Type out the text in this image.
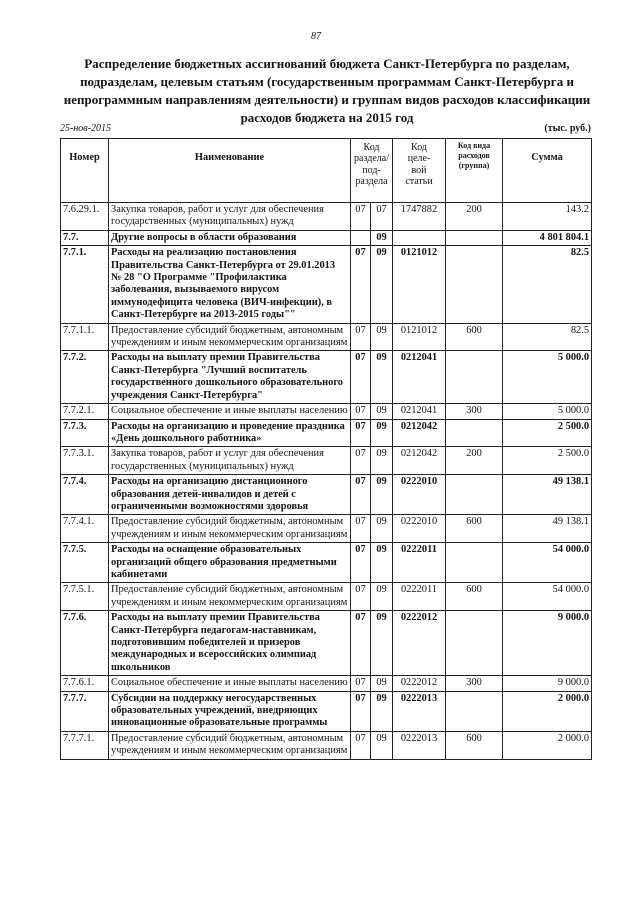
87
Распределение бюджетных ассигнований бюджета Санкт-Петербурга по разделам,
подразделам, целевым статьям (государственным программам Санкт-Петербурга и
непрограммным направлениям деятельности) и группам видов расходов классификации
расходов бюджета на 2015 год
25-нов-2015	(тыс. руб.)
Номер	Наименование	Код
раздела/
под-
раздела		Код
целе-
вой
статьи	Код вида
расходов
(группа)	Сумма
7.6.29.1.	Закупка товаров, работ и услуг для обеспечения государственных (муниципальных) нужд	07	07	1747882	200	143.2
7.7.	Другие вопросы в области образования		09			4 801 804.1
7.7.1.	Расходы на реализацию постановления Правительства Санкт-Петербурга от 29.01.2013 № 28 "О Программе "Профилактика заболевания, вызываемого вирусом иммунодефицита человека (ВИЧ-инфекции), в Санкт-Петербурге на 2013-2015 годы""	07	09	0121012		82.5
7.7.1.1.	Предоставление субсидий бюджетным, автономным учреждениям и иным некоммерческим организациям	07	09	0121012	600	82.5
7.7.2.	Расходы на выплату премии Правительства Санкт-Петербурга "Лучший воспитатель государственного дошкольного образовательного учреждения Санкт-Петербурга"	07	09	0212041		5 000.0
7.7.2.1.	Социальное обеспечение и иные выплаты населению	07	09	0212041	300	5 000.0
7.7.3.	Расходы на организацию и проведение праздника «День дошкольного работника»	07	09	0212042		2 500.0
7.7.3.1.	Закупка товаров, работ и услуг для обеспечения государственных (муниципальных) нужд	07	09	0212042	200	2 500.0
7.7.4.	Расходы на организацию дистанционного образования детей-инвалидов и детей с ограниченными возможностями здоровья	07	09	0222010		49 138.1
7.7.4.1.	Предоставление субсидий бюджетным, автономным учреждениям и иным некоммерческим организациям	07	09	0222010	600	49 138.1
7.7.5.	Расходы на оснащение образовательных организаций общего образования предметными кабинетами	07	09	0222011		54 000.0
7.7.5.1.	Предоставление субсидий бюджетным, автономным учреждениям и иным некоммерческим организациям	07	09	0222011	600	54 000.0
7.7.6.	Расходы на выплату премии Правительства Санкт-Петербурга педагогам-наставникам, подготовившим победителей и призеров международных и всероссийских олимпиад школьников	07	09	0222012		9 000.0
7.7.6.1.	Социальное обеспечение и иные выплаты населению	07	09	0222012	300	9 000.0
7.7.7.	Субсидии на поддержку негосударственных образовательных учреждений, внедряющих инновационные образовательные программы	07	09	0222013		2 000.0
7.7.7.1.	Предоставление субсидий бюджетным, автономным учреждениям и иным некоммерческим организациям	07	09	0222013	600	2 000.0
